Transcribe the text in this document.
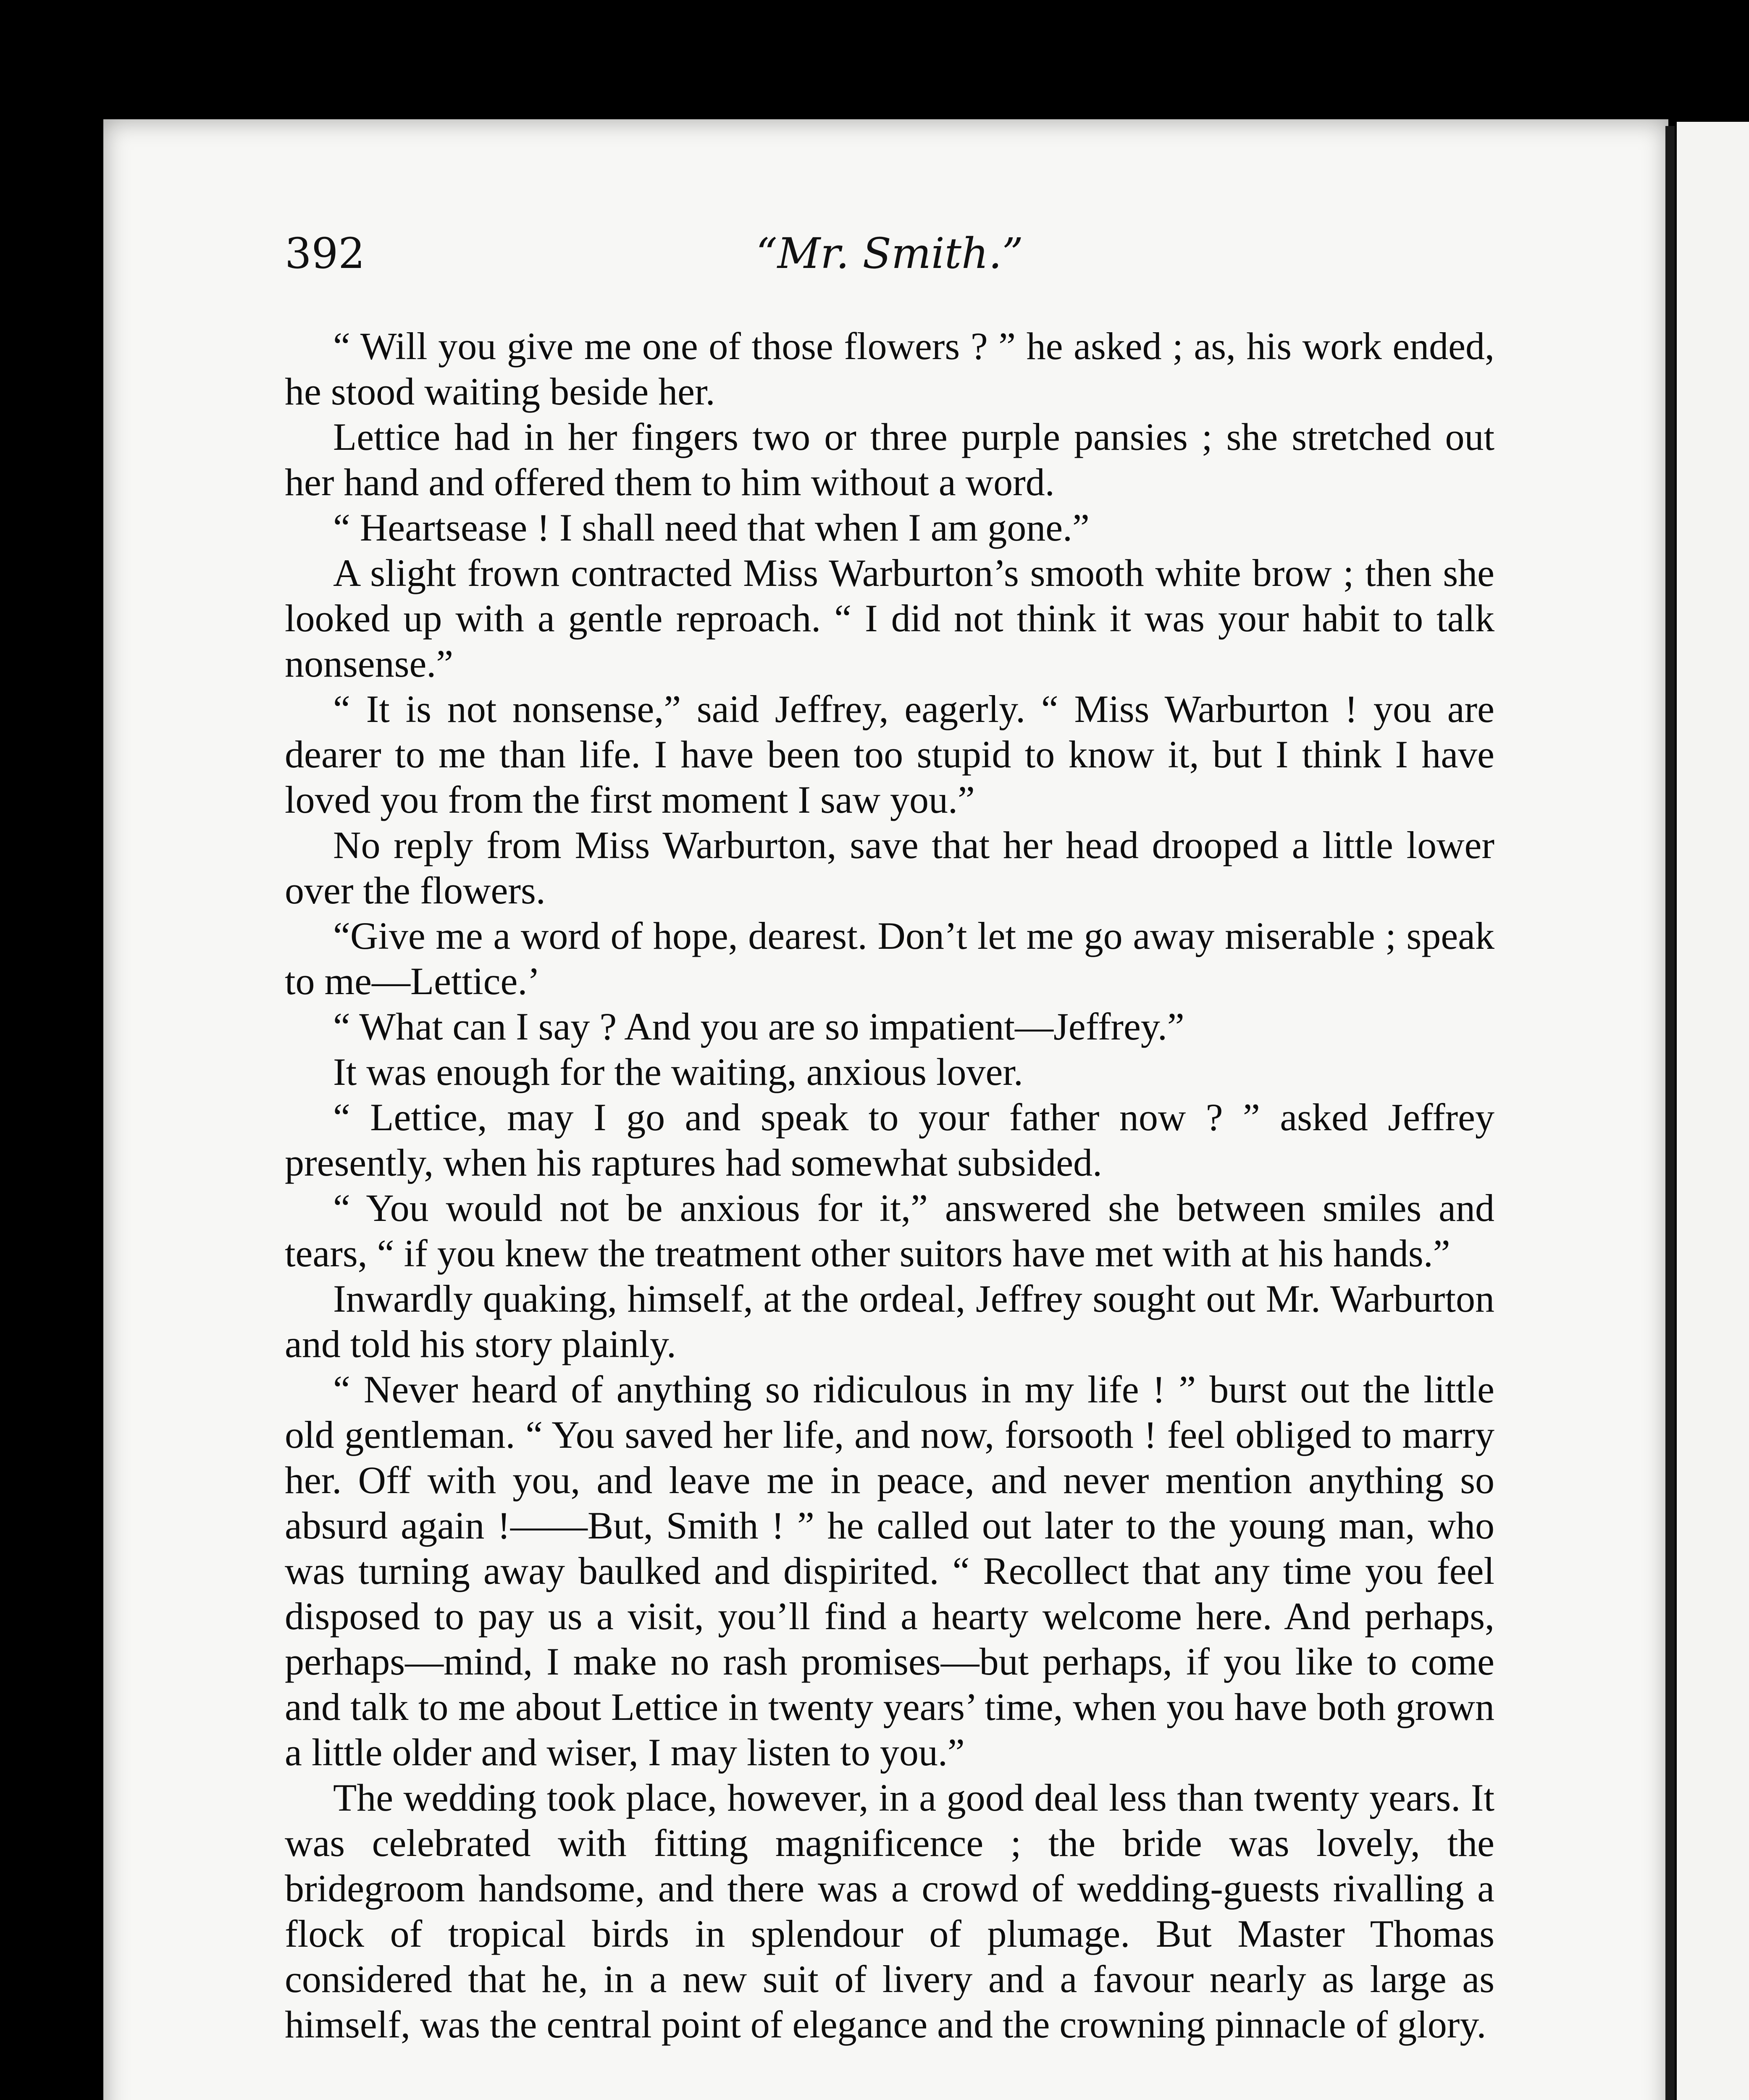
392	“Mr. Smith.”

“ Will you give me one of those flowers ? ” he asked ; as, his work ended, he stood waiting beside her.

Lettice had in her fingers two or three purple pansies ; she stretched out her hand and offered them to him without a word.

“ Heartsease ! I shall need that when I am gone.”

A slight frown contracted Miss Warburton’s smooth white brow ; then she looked up with a gentle reproach. “ I did not think it was your habit to talk nonsense.”

“ It is not nonsense,” said Jeffrey, eagerly. “ Miss Warburton ! you are dearer to me than life. I have been too stupid to know it, but I think I have loved you from the first moment I saw you.”

No reply from Miss Warburton, save that her head drooped a little lower over the flowers.

“Give me a word of hope, dearest. Don’t let me go away miserable ; speak to me—Lettice.’

“ What can I say ? And you are so impatient—Jeffrey.”

It was enough for the waiting, anxious lover.

“ Lettice, may I go and speak to your father now ? ” asked Jeffrey presently, when his raptures had somewhat subsided.

“ You would not be anxious for it,” answered she between smiles and tears, “ if you knew the treatment other suitors have met with at his hands.”

Inwardly quaking, himself, at the ordeal, Jeffrey sought out Mr. Warburton and told his story plainly.

“ Never heard of anything so ridiculous in my life ! ” burst out the little old gentleman. “ You saved her life, and now, forsooth ! feel obliged to marry her. Off with you, and leave me in peace, and never mention anything so absurd again !——But, Smith ! ” he called out later to the young man, who was turning away baulked and dispirited. “ Recollect that any time you feel disposed to pay us a visit, you’ll find a hearty welcome here. And perhaps, perhaps—mind, I make no rash promises—but perhaps, if you like to come and talk to me about Lettice in twenty years’ time, when you have both grown a little older and wiser, I may listen to you.”

The wedding took place, however, in a good deal less than twenty years. It was celebrated with fitting magnificence ; the bride was lovely, the bridegroom handsome, and there was a crowd of wedding-guests rivalling a flock of tropical birds in splendour of plumage. But Master Thomas considered that he, in a new suit of livery and a favour nearly as large as himself, was the central point of elegance and the crowning pinnacle of glory.
